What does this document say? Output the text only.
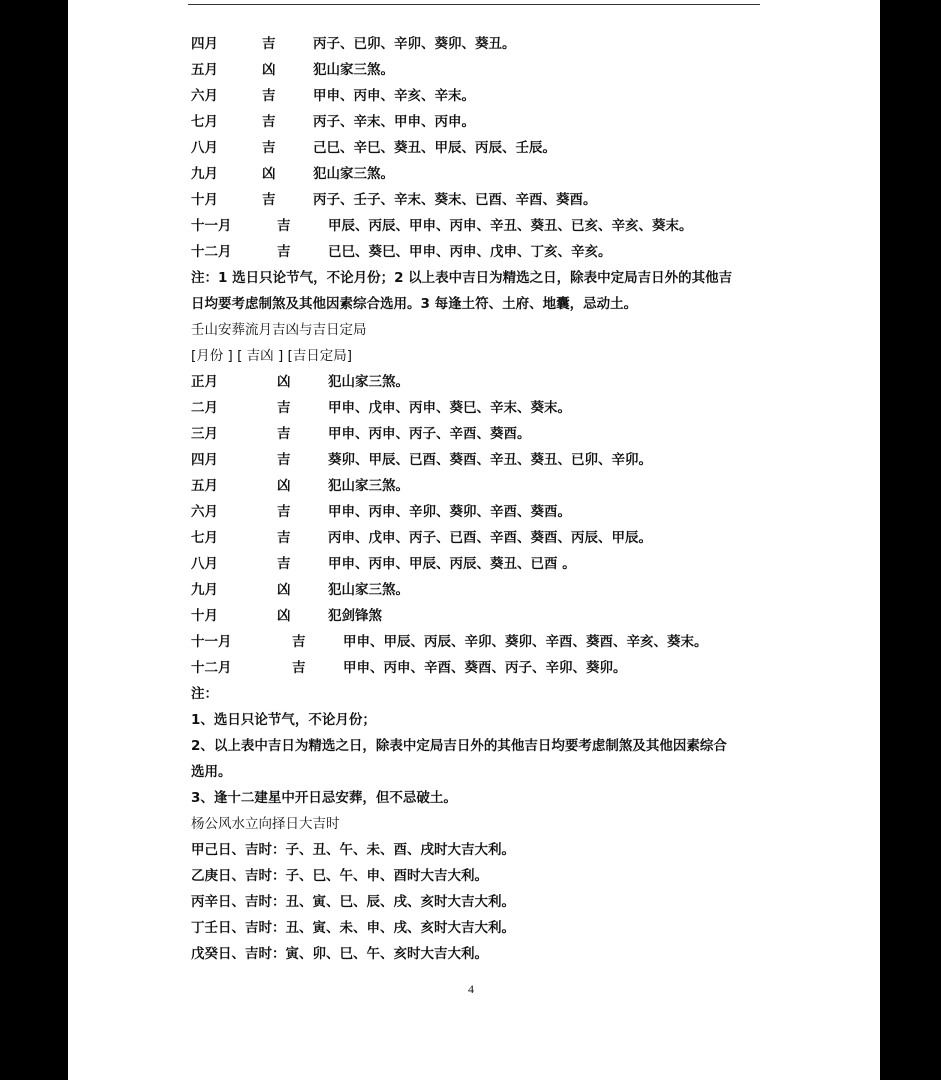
四月	吉	丙子、已卯、辛卯、葵卯、葵丑。
五月	凶	犯山家三煞。
六月	吉	甲申、丙申、辛亥、辛末。
七月	吉	丙子、辛末、甲申、丙申。
八月	吉	己巳、辛巳、葵丑、甲辰、丙辰、壬辰。
九月	凶	犯山家三煞。
十月	吉	丙子、壬子、辛末、葵末、已酉、辛酉、葵酉。
十一月	吉	甲辰、丙辰、甲申、丙申、辛丑、葵丑、已亥、辛亥、葵末。
十二月	吉	已巳、葵巳、甲申、丙申、戊申、丁亥、辛亥。
注：1 选日只论节气，不论月份；2 以上表中吉日为精选之日，除表中定局吉日外的其他吉
日均要考虑制煞及其他因素综合选用。3 每逢土符、土府、地囊，忌动土。
壬山安葬流月吉凶与吉日定局
[月份 ] [ 吉凶 ] [吉日定局]
正月	凶	犯山家三煞。
二月	吉	甲申、戊申、丙申、葵巳、辛末、葵末。
三月	吉	甲申、丙申、丙子、辛酉、葵酉。
四月	吉	葵卯、甲辰、已酉、葵酉、辛丑、葵丑、已卯、辛卯。
五月	凶	犯山家三煞。
六月	吉	甲申、丙申、辛卯、葵卯、辛酉、葵酉。
七月	吉	丙申、戊申、丙子、已酉、辛酉、葵酉、丙辰、甲辰。
八月	吉	甲申、丙申、甲辰、丙辰、葵丑、已酉 。
九月	凶	犯山家三煞。
十月	凶	犯剑锋煞
十一月	吉	甲申、甲辰、丙辰、辛卯、葵卯、辛酉、葵酉、辛亥、葵末。
十二月	吉	甲申、丙申、辛酉、葵酉、丙子、辛卯、葵卯。
注：
1、选日只论节气，不论月份；
2、以上表中吉日为精选之日，除表中定局吉日外的其他吉日均要考虑制煞及其他因素综合
选用。
3、逢十二建星中开日忌安葬，但不忌破土。
杨公风水立向择日大吉时
甲己日、吉时：子、丑、午、未、酉、戌时大吉大利。
乙庚日、吉时：子、巳、午、申、酉时大吉大利。
丙辛日、吉时：丑、寅、巳、辰、戌、亥时大吉大利。
丁壬日、吉时：丑、寅、未、申、戌、亥时大吉大利。
戊癸日、吉时：寅、卯、巳、午、亥时大吉大利。
4
